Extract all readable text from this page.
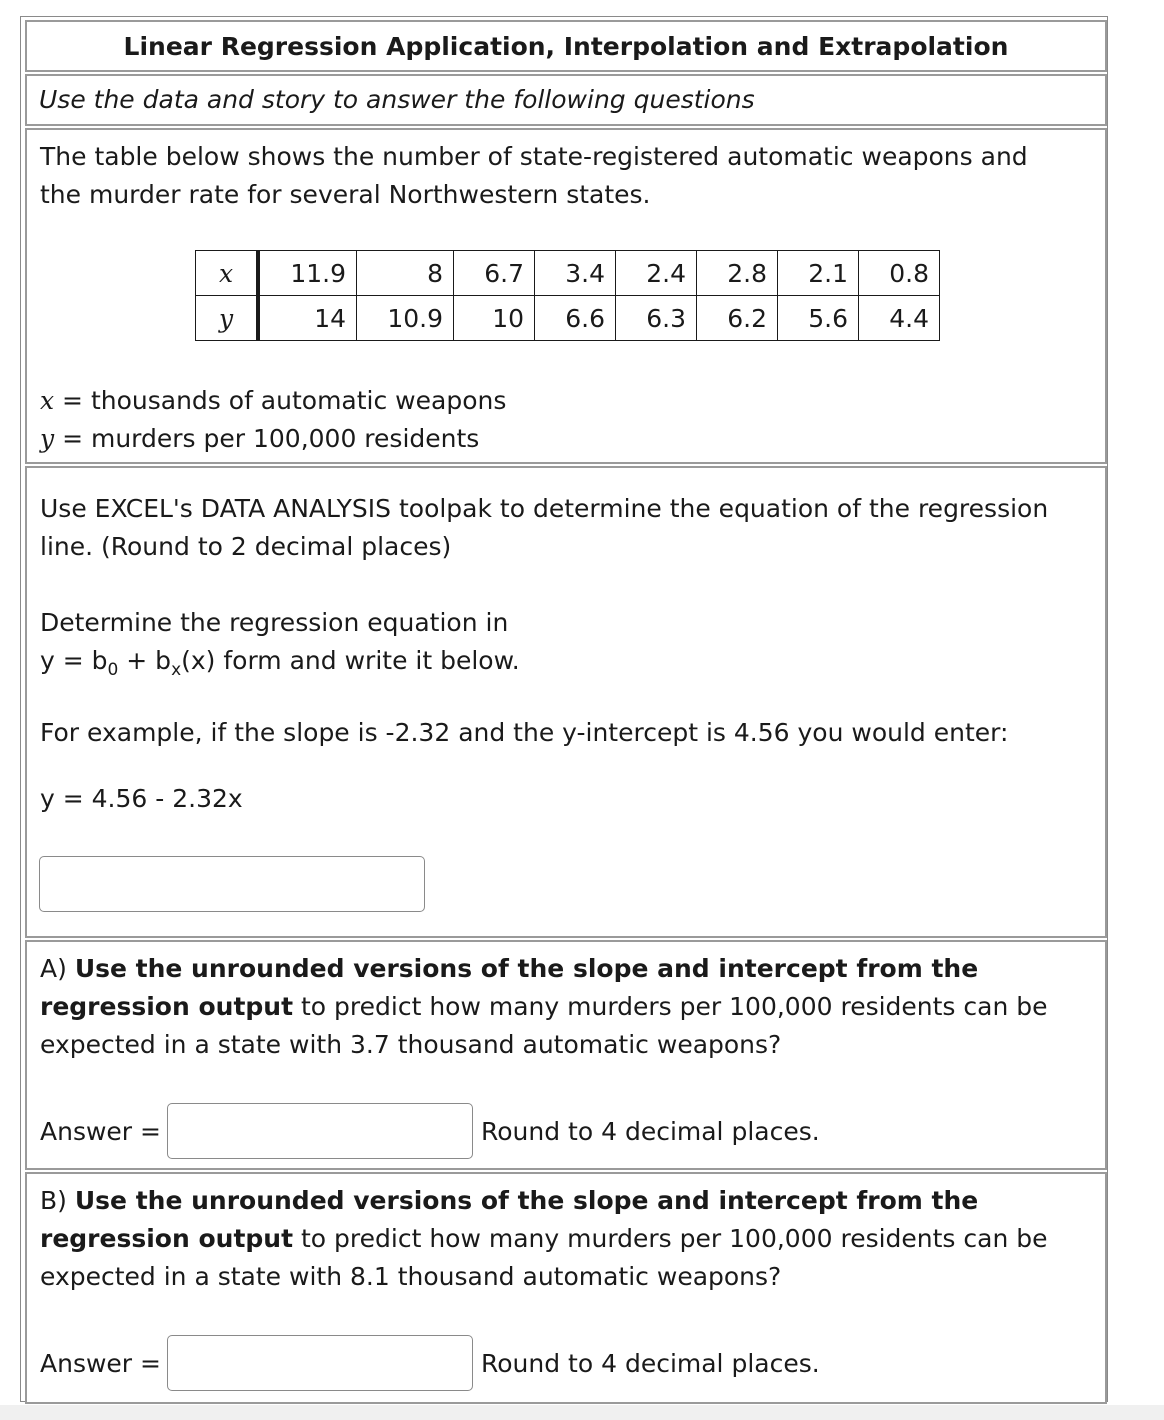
Linear Regression Application, Interpolation and Extrapolation
Use the data and story to answer the following questions
The table below shows the number of state-registered automatic weapons and
the murder rate for several Northwestern states.
x	11.9	8	6.7	3.4	2.4	2.8	2.1	0.8
y	14	10.9	10	6.6	6.3	6.2	5.6	4.4
x = thousands of automatic weapons
y = murders per 100,000 residents
Use EXCEL's DATA ANALYSIS toolpak to determine the equation of the regression
line. (Round to 2 decimal places)
Determine the regression equation in
$y = b_0 + b_x(x)$ form and write it below.
For example, if the slope is -2.32 and the y-intercept is 4.56 you would enter:
y = 4.56 - 2.32x
A) Use the unrounded versions of the slope and intercept from the
regression output to predict how many murders per 100,000 residents can be
expected in a state with 3.7 thousand automatic weapons?
Answer =	Round to 4 decimal places.
B) Use the unrounded versions of the slope and intercept from the
regression output to predict how many murders per 100,000 residents can be
expected in a state with 8.1 thousand automatic weapons?
Answer =	Round to 4 decimal places.
